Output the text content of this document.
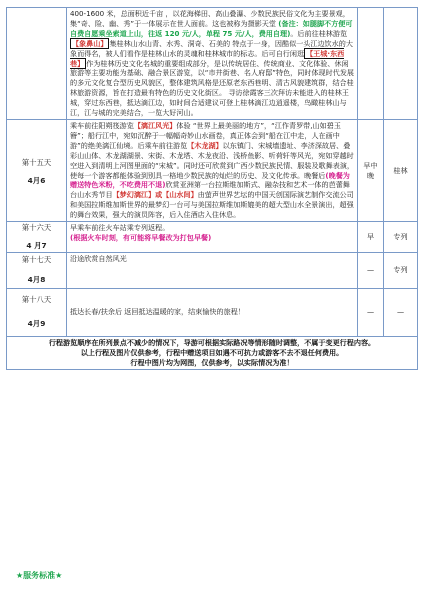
	400-1600 米，总面积近千亩 ，以花海梯田、高山叠瀑、少数民族民俗文化为主要景观，集“奇、险、幽、秀”于一体展示在世人面前。这也被称为摄影天堂 (备注：如腿脚不方便可自费自愿乘坐索道上山，往返 120 元/人，单程 75 元/人，费用自理)。后前往桂林游览【象鼻山】 集桂林山水山青、水秀、洞奇、石美的 特点于一身，因酷似一头江边饮水的大象而得名，被人们看作是桂林山水的灵魂和桂林城市的标志。后可自行闲逛 【王城·东西巷】 作为桂林历史文化名城的重要组成部分，是以传统居住、传统商业、文化体验、休闲旅游等主要功能为基础、融合景区游览，以“市井街巷、名人府邸”特色，同时体现时代发展的多元文化复合型历史风貌区，整体建筑风格是还原老东西巷明、清古风貌建筑群，结合桂林旅游资源，旨在打造最有特色的历史文化街区。 寻访徐霞客三次拜访未能进入的桂林王城，穿过东西巷，抵达滴江边，如时间合适建议可登上桂林滴江边逍遥楼，鸟瞰桂林山与江，江与城的完美结合，一览大好河山。		

第十五天
4月6	乘车前往阳朔筏游览【漓江风光】体验 “世界上最美丽的地方”，“江作青罗带,山如碧玉簪”；船行江中，宛如沉醉于一幅幅奇妙山水画卷，真正体会到“船在江中走，人在画中游”的绝美漓江仙境。后乘车前往游览【木龙湖】以东镇门、宋城墙遗址、李济深故居、叠彩山山体、木龙湖湖景、宋街、木龙塔、木龙夜沿、浅桥鱼影、听荷轩等风光，宛如穿越时空进入到清明上河图里面的“宋城”。同时还可欣赏到广西少数民族民情、服装及歌舞表演，使每一个游客都能体验到别具一格地少数民族的灿烂的历史、及文化传承。晚餐后(晚餐为赠送特色米粉，不吃费用不退)欣赏亚洲第一台拉斯维加斯式、融杂技和艺术一体的芭蕾舞台山水秀节目【梦幻漓江】或【山水间】由萤声世界艺坛的中国天创国际演艺制作交流公司和美国拉斯维加斯世界的最梦幻一台可与美国拉斯维加斯媲美的超大型山水全景演出，超强的舞台效果，强大的演员阵容，后入住酒店入住休息。	早中晚	桂林

第十六天
4 月7	早乘车前往火车站乘专列返程。
(根据火车时刻，有可能将早餐改为打包早餐)	早	专列

第十七天
4月8	沿途欣赏自然风光	—	专列

第十八天
4月9	抵达长春/扶余后 返回抵达温暖的家，结束愉快的旅程！	—	—
行程游览顺序在所列景点不减少的情况下，导游可根据实际路况等情形随时调整，不属于变更行程内容。
以上行程及图片仅供参考，行程中赠送项目如遇不可抗力或游客不去不退任何费用。
行程中图片均为网图，仅供参考，以实际情况为准！			
★服务标准★
